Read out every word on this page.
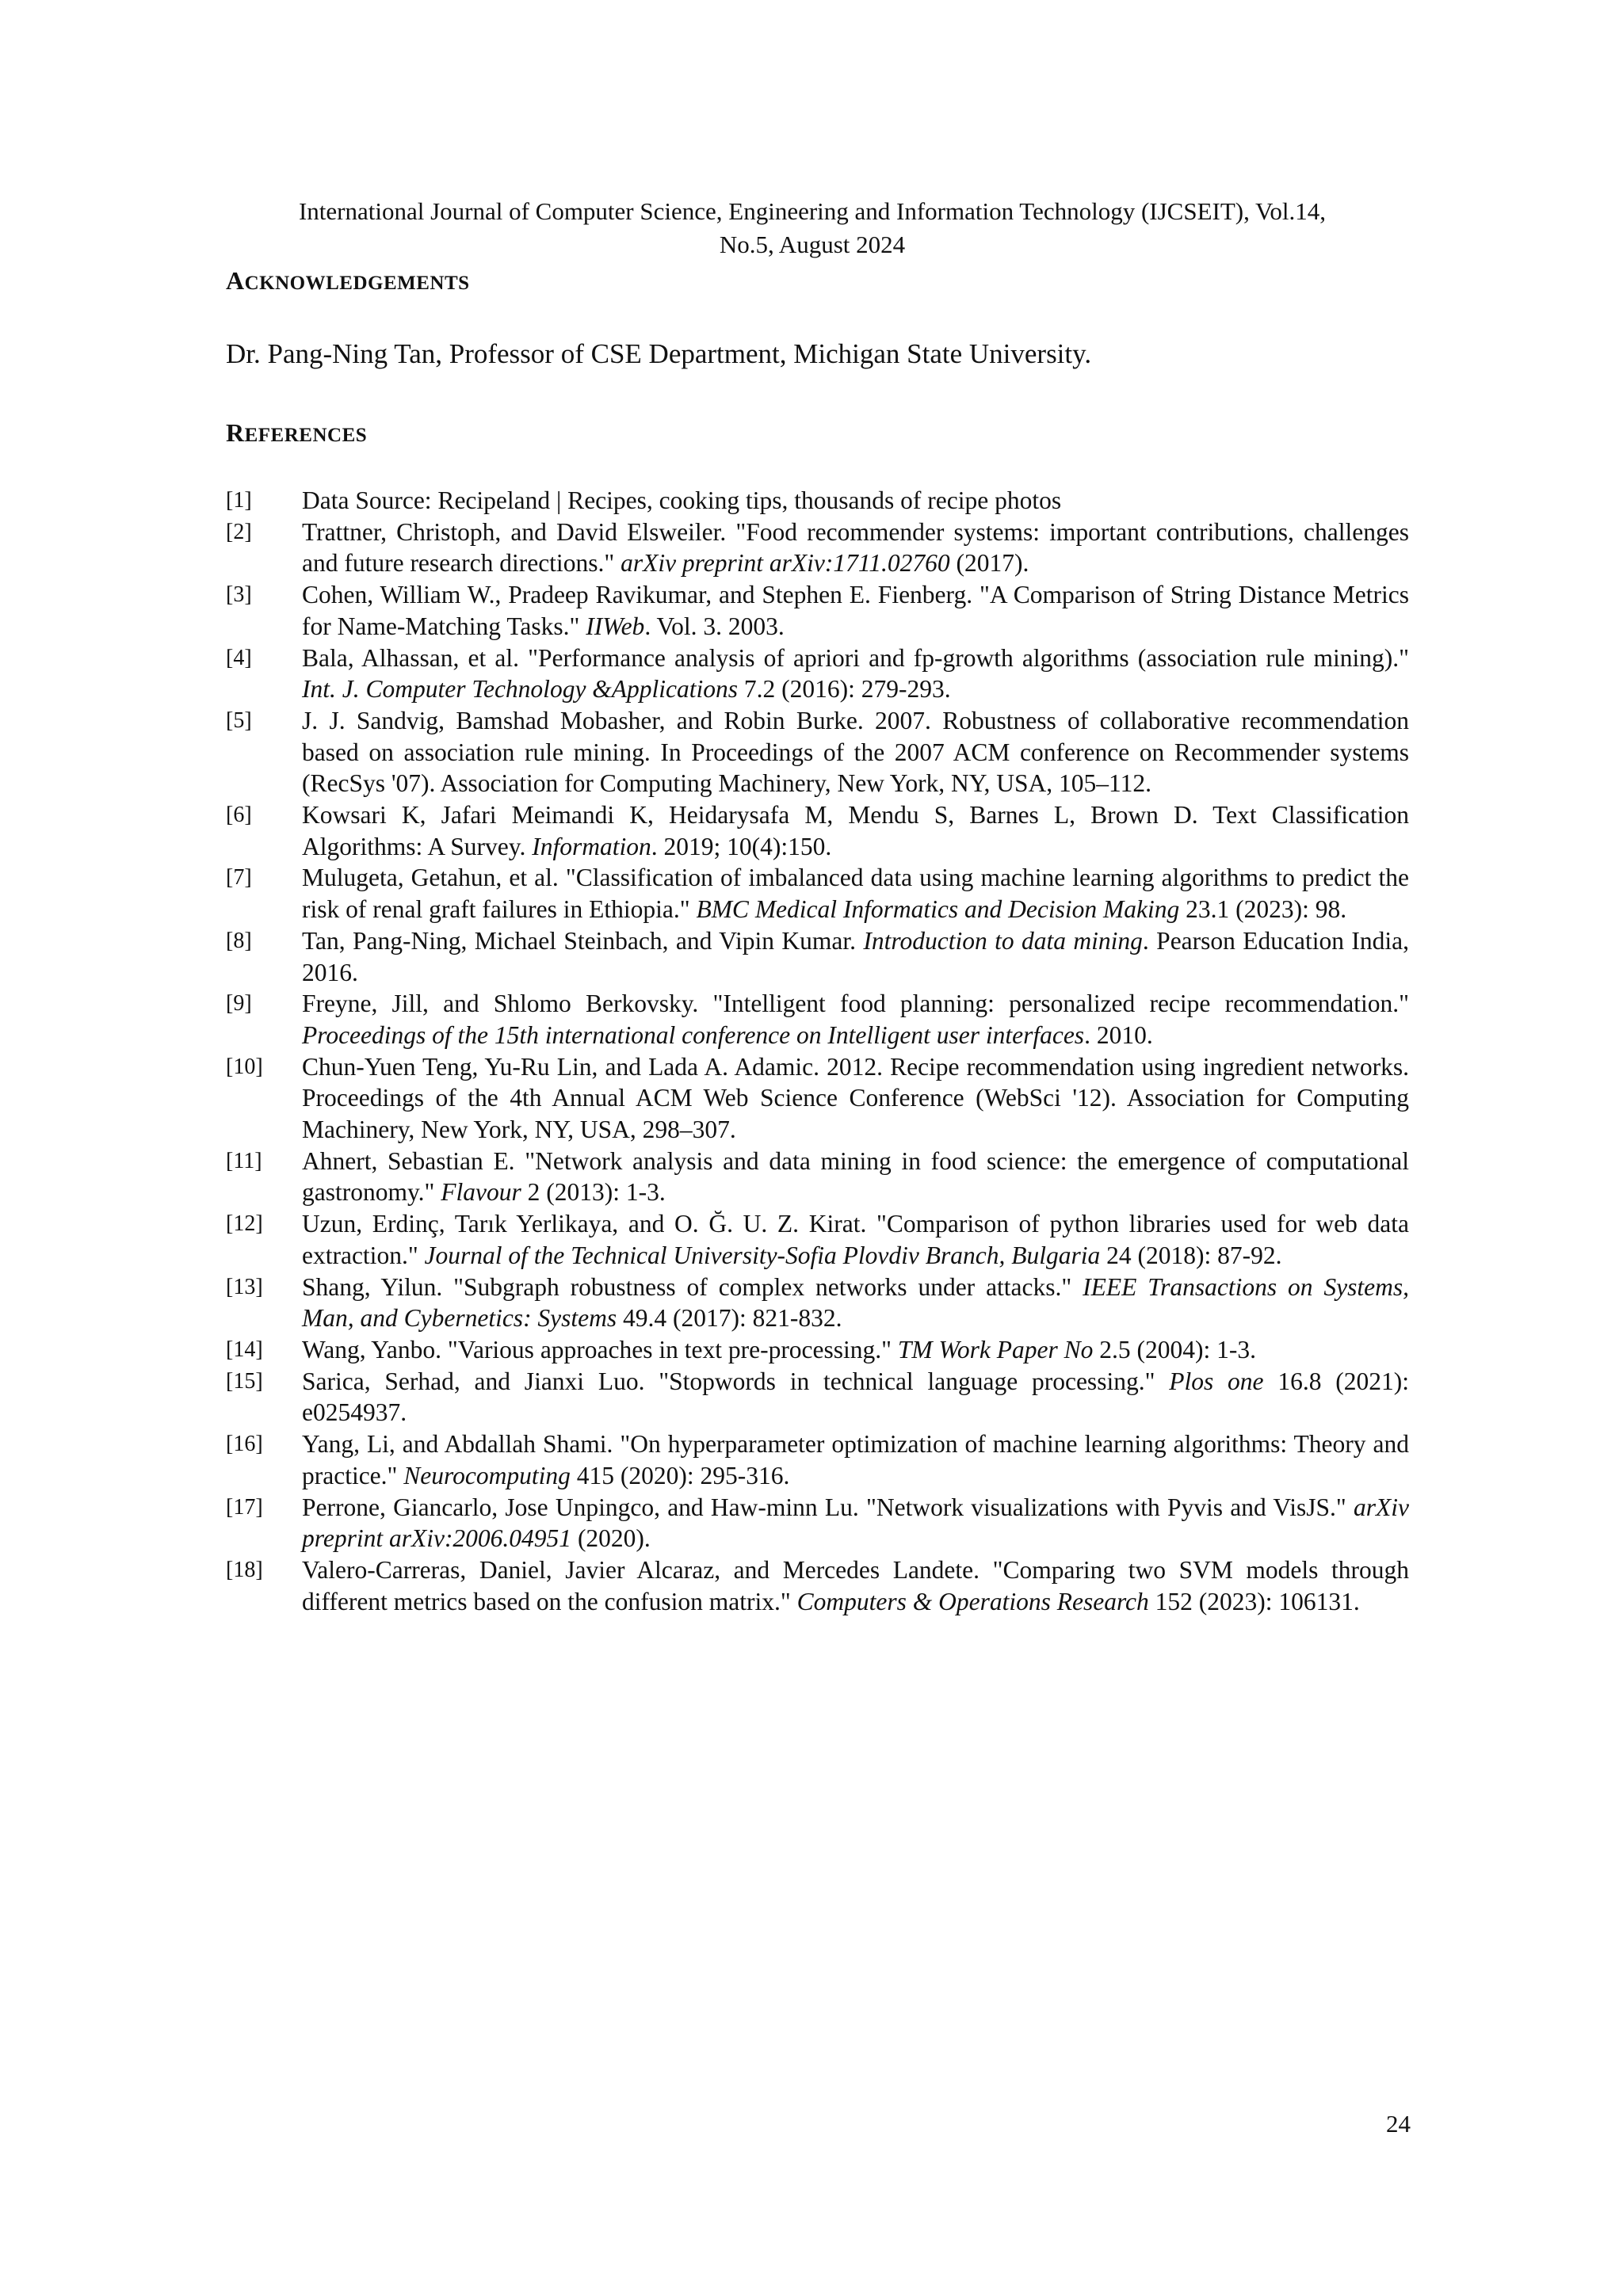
International Journal of Computer Science, Engineering and Information Technology (IJCSEIT), Vol.14,
No.5, August 2024
ACKNOWLEDGEMENTS
Dr. Pang-Ning Tan, Professor of CSE Department, Michigan State University.
REFERENCES
[1]	Data Source: Recipeland | Recipes, cooking tips, thousands of recipe photos
[2]	Trattner, Christoph, and David Elsweiler. "Food recommender systems: important contributions, challenges and future research directions." arXiv preprint arXiv:1711.02760 (2017).
[3]	Cohen, William W., Pradeep Ravikumar, and Stephen E. Fienberg. "A Comparison of String Distance Metrics for Name-Matching Tasks." IIWeb. Vol. 3. 2003.
[4]	Bala, Alhassan, et al. "Performance analysis of apriori and fp-growth algorithms (association rule mining)." Int. J. Computer Technology &Applications 7.2 (2016): 279-293.
[5]	J. J. Sandvig, Bamshad Mobasher, and Robin Burke. 2007. Robustness of collaborative recommendation based on association rule mining. In Proceedings of the 2007 ACM conference on Recommender systems (RecSys '07). Association for Computing Machinery, New York, NY, USA, 105–112.
[6]	Kowsari K, Jafari Meimandi K, Heidarysafa M, Mendu S, Barnes L, Brown D. Text Classification Algorithms: A Survey. Information. 2019; 10(4):150.
[7]	Mulugeta, Getahun, et al. "Classification of imbalanced data using machine learning algorithms to predict the risk of renal graft failures in Ethiopia." BMC Medical Informatics and Decision Making 23.1 (2023): 98.
[8]	Tan, Pang-Ning, Michael Steinbach, and Vipin Kumar. Introduction to data mining. Pearson Education India, 2016.
[9]	Freyne, Jill, and Shlomo Berkovsky. "Intelligent food planning: personalized recipe recommendation." Proceedings of the 15th international conference on Intelligent user interfaces. 2010.
[10]	Chun-Yuen Teng, Yu-Ru Lin, and Lada A. Adamic. 2012. Recipe recommendation using ingredient networks. Proceedings of the 4th Annual ACM Web Science Conference (WebSci '12). Association for Computing Machinery, New York, NY, USA, 298–307.
[11]	Ahnert, Sebastian E. "Network analysis and data mining in food science: the emergence of computational gastronomy." Flavour 2 (2013): 1-3.
[12]	Uzun, Erdinç, Tarık Yerlikaya, and O. Ğ. U. Z. Kirat. "Comparison of python libraries used for web data extraction." Journal of the Technical University-Sofia Plovdiv Branch, Bulgaria 24 (2018): 87-92.
[13]	Shang, Yilun. "Subgraph robustness of complex networks under attacks." IEEE Transactions on Systems, Man, and Cybernetics: Systems 49.4 (2017): 821-832.
[14]	Wang, Yanbo. "Various approaches in text pre-processing." TM Work Paper No 2.5 (2004): 1-3.
[15]	Sarica, Serhad, and Jianxi Luo. "Stopwords in technical language processing." Plos one 16.8 (2021): e0254937.
[16]	Yang, Li, and Abdallah Shami. "On hyperparameter optimization of machine learning algorithms: Theory and practice." Neurocomputing 415 (2020): 295-316.
[17]	Perrone, Giancarlo, Jose Unpingco, and Haw-minn Lu. "Network visualizations with Pyvis and VisJS." arXiv preprint arXiv:2006.04951 (2020).
[18]	Valero-Carreras, Daniel, Javier Alcaraz, and Mercedes Landete. "Comparing two SVM models through different metrics based on the confusion matrix." Computers & Operations Research 152 (2023): 106131.
24
